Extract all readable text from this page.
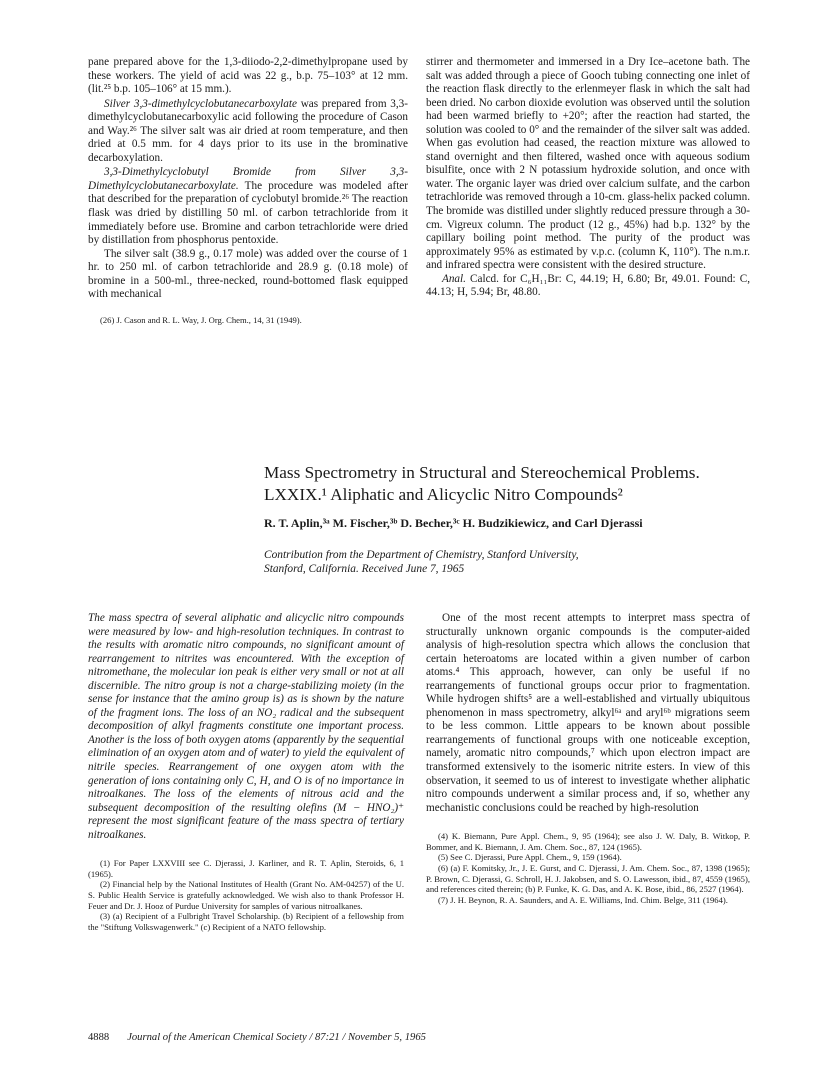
pane prepared above for the 1,3-diiodo-2,2-dimethylpropane used by these workers. The yield of acid was 22 g., b.p. 75–103° at 12 mm. (lit.²⁵ b.p. 105–106° at 15 mm.).

Silver 3,3-dimethylcyclobutanecarboxylate was prepared from 3,3-dimethylcyclobutanecarboxylic acid following the procedure of Cason and Way.²⁶ The silver salt was air dried at room temperature, and then dried at 0.5 mm. for 4 days prior to its use in the brominative decarboxylation.

3,3-Dimethylcyclobutyl Bromide from Silver 3,3-Dimethylcyclobutanecarboxylate. The procedure was modeled after that described for the preparation of cyclobutyl bromide.²⁶ The reaction flask was dried by distilling 50 ml. of carbon tetrachloride from it immediately before use. Bromine and carbon tetrachloride were dried by distillation from phosphorus pentoxide.

The silver salt (38.9 g., 0.17 mole) was added over the course of 1 hr. to 250 ml. of carbon tetrachloride and 28.9 g. (0.18 mole) of bromine in a 500-ml., three-necked, round-bottomed flask equipped with mechanical

(26) J. Cason and R. L. Way, J. Org. Chem., 14, 31 (1949).

stirrer and thermometer and immersed in a Dry Ice–acetone bath. The salt was added through a piece of Gooch tubing connecting one inlet of the reaction flask directly to the erlenmeyer flask in which the salt had been dried. No carbon dioxide evolution was observed until the solution had been warmed briefly to +20°; after the reaction had started, the solution was cooled to 0° and the remainder of the silver salt was added. When gas evolution had ceased, the reaction mixture was allowed to stand overnight and then filtered, washed once with aqueous sodium bisulfite, once with 2 N potassium hydroxide solution, and once with water. The organic layer was dried over calcium sulfate, and the carbon tetrachloride was removed through a 10-cm. glass-helix packed column. The bromide was distilled under slightly reduced pressure through a 30-cm. Vigreux column. The product (12 g., 45%) had b.p. 132° by the capillary boiling point method. The purity of the product was approximately 95% as estimated by v.p.c. (column K, 110°). The n.m.r. and infrared spectra were consistent with the desired structure.

Anal. Calcd. for C₆H₁₁Br: C, 44.19; H, 6.80; Br, 49.01. Found: C, 44.13; H, 5.94; Br, 48.80.

Mass Spectrometry in Structural and Stereochemical Problems.
LXXIX.¹ Aliphatic and Alicyclic Nitro Compounds²

R. T. Aplin,³ᵃ M. Fischer,³ᵇ D. Becher,³ᶜ H. Budzikiewicz, and Carl Djerassi

Contribution from the Department of Chemistry, Stanford University,
Stanford, California. Received June 7, 1965

The mass spectra of several aliphatic and alicyclic nitro compounds were measured by low- and high-resolution techniques. In contrast to the results with aromatic nitro compounds, no significant amount of rearrangement to nitrites was encountered. With the exception of nitromethane, the molecular ion peak is either very small or not at all discernible. The nitro group is not a charge-stabilizing moiety (in the sense for instance that the amino group is) as is shown by the nature of the fragment ions. The loss of an NO₂ radical and the subsequent decomposition of alkyl fragments constitute one important process. Another is the loss of both oxygen atoms (apparently by the sequential elimination of an oxygen atom and of water) to yield the equivalent of nitrile species. Rearrangement of one oxygen atom with the generation of ions containing only C, H, and O is of no importance in nitroalkanes. The loss of the elements of nitrous acid and the subsequent decomposition of the resulting olefins (M − HNO₂)⁺ represent the most significant feature of the mass spectra of tertiary nitroalkanes.

(1) For Paper LXXVIII see C. Djerassi, J. Karliner, and R. T. Aplin, Steroids, 6, 1 (1965).

(2) Financial help by the National Institutes of Health (Grant No. AM-04257) of the U. S. Public Health Service is gratefully acknowledged. We wish also to thank Professor H. Feuer and Dr. J. Hooz of Purdue University for samples of various nitroalkanes.

(3) (a) Recipient of a Fulbright Travel Scholarship. (b) Recipient of a fellowship from the "Stiftung Volkswagenwerk." (c) Recipient of a NATO fellowship.

One of the most recent attempts to interpret mass spectra of structurally unknown organic compounds is the computer-aided analysis of high-resolution spectra which allows the conclusion that certain heteroatoms are located within a given number of carbon atoms.⁴ This approach, however, can only be useful if no rearrangements of functional groups occur prior to fragmentation. While hydrogen shifts⁵ are a well-established and virtually ubiquitous phenomenon in mass spectrometry, alkyl⁶ᵃ and aryl⁶ᵇ migrations seem to be less common. Little appears to be known about possible rearrangements of functional groups with one noticeable exception, namely, aromatic nitro compounds,⁷ which upon electron impact are transformed extensively to the isomeric nitrite esters. In view of this observation, it seemed to us of interest to investigate whether aliphatic nitro compounds underwent a similar process and, if so, whether any mechanistic conclusions could be reached by high-resolution

(4) K. Biemann, Pure Appl. Chem., 9, 95 (1964); see also J. W. Daly, B. Witkop, P. Bommer, and K. Biemann, J. Am. Chem. Soc., 87, 124 (1965).

(5) See C. Djerassi, Pure Appl. Chem., 9, 159 (1964).

(6) (a) F. Komitsky, Jr., J. E. Gurst, and C. Djerassi, J. Am. Chem. Soc., 87, 1398 (1965); P. Brown, C. Djerassi, G. Schroll, H. J. Jakobsen, and S. O. Lawesson, ibid., 87, 4559 (1965), and references cited therein; (b) P. Funke, K. G. Das, and A. K. Bose, ibid., 86, 2527 (1964).

(7) J. H. Beynon, R. A. Saunders, and A. E. Williams, Ind. Chim. Belge, 311 (1964).

4888 Journal of the American Chemical Society / 87:21 / November 5, 1965
